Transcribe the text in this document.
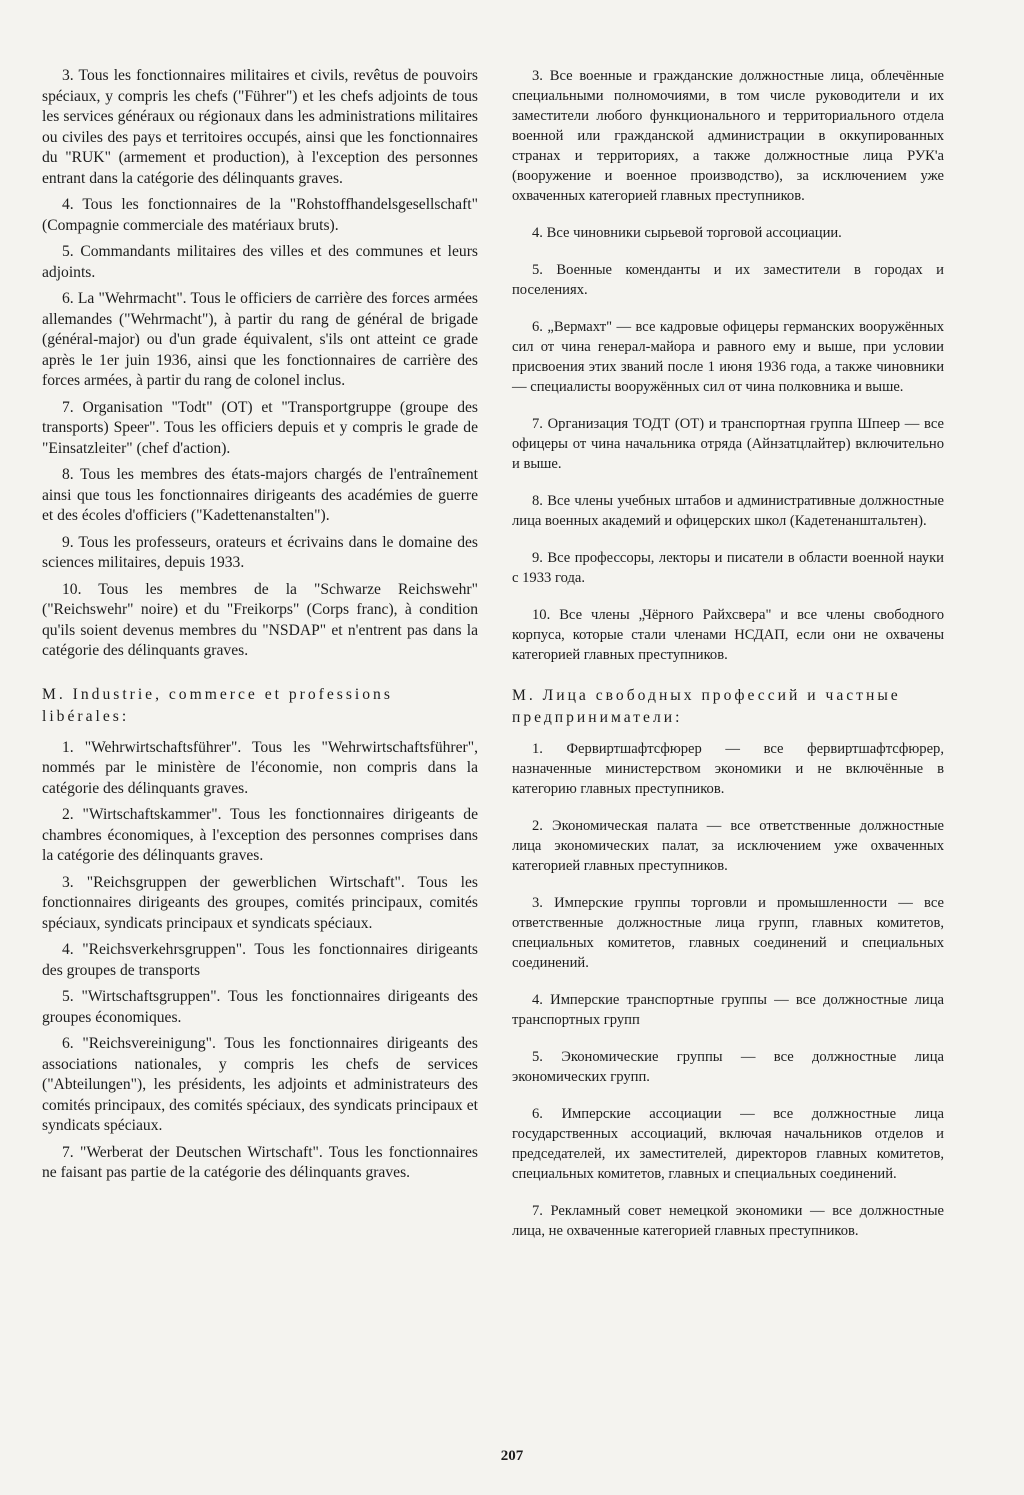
3. Tous les fonctionnaires militaires et civils, revêtus de pouvoirs spéciaux, y compris les chefs ("Führer") et les chefs adjoints de tous les services généraux ou régionaux dans les administrations militaires ou civiles des pays et territoires occupés, ainsi que les fonctionnaires du "RUK" (armement et production), à l'exception des personnes entrant dans la catégorie des délinquants graves.

4. Tous les fonctionnaires de la "Rohstoffhandelsgesellschaft" (Compagnie commerciale des matériaux bruts).

5. Commandants militaires des villes et des communes et leurs adjoints.

6. La "Wehrmacht". Tous le officiers de carrière des forces armées allemandes ("Wehrmacht"), à partir du rang de général de brigade (général-major) ou d'un grade équivalent, s'ils ont atteint ce grade après le 1er juin 1936, ainsi que les fonctionnaires de carrière des forces armées, à partir du rang de colonel inclus.

7. Organisation "Todt" (OT) et "Transportgruppe (groupe des transports) Speer". Tous les officiers depuis et y compris le grade de "Einsatzleiter" (chef d'action).

8. Tous les membres des états-majors chargés de l'entraînement ainsi que tous les fonctionnaires dirigeants des académies de guerre et des écoles d'officiers ("Kadettenanstalten").

9. Tous les professeurs, orateurs et écrivains dans le domaine des sciences militaires, depuis 1933.

10. Tous les membres de la "Schwarze Reichswehr" ("Reichswehr" noire) et du "Freikorps" (Corps franc), à condition qu'ils soient devenus membres du "NSDAP" et n'entrent pas dans la catégorie des délinquants graves.

M. Industrie, commerce et professions libérales:

1. "Wehrwirtschaftsführer". Tous les "Wehrwirtschaftsführer", nommés par le ministère de l'économie, non compris dans la catégorie des délinquants graves.

2. "Wirtschaftskammer". Tous les fonctionnaires dirigeants de chambres économiques, à l'exception des personnes comprises dans la catégorie des délinquants graves.

3. "Reichsgruppen der gewerblichen Wirtschaft". Tous les fonctionnaires dirigeants des groupes, comités principaux, comités spéciaux, syndicats principaux et syndicats spéciaux.

4. "Reichsverkehrsgruppen". Tous les fonctionnaires dirigeants des groupes de transports

5. "Wirtschaftsgruppen". Tous les fonctionnaires dirigeants des groupes économiques.

6. "Reichsvereinigung". Tous les fonctionnaires dirigeants des associations nationales, y compris les chefs de services ("Abteilungen"), les présidents, les adjoints et administrateurs des comités principaux, des comités spéciaux, des syndicats principaux et syndicats spéciaux.

7. "Werberat der Deutschen Wirtschaft". Tous les fonctionnaires ne faisant pas partie de la catégorie des délinquants graves.

3. Все военные и гражданские должностные лица, облечённые специальными полномочиями, в том числе руководители и их заместители любого функционального и территориального отдела военной или гражданской администрации в оккупированных странах и территориях, а также должностные лица РУК'а (вооружение и военное производство), за исключением уже охваченных категорией главных преступников.

4. Все чиновники сырьевой торговой ассоциации.

5. Военные коменданты и их заместители в городах и поселениях.

6. „Вермахт" — все кадровые офицеры германских вооружённых сил от чина генерал-майора и равного ему и выше, при условии присвоения этих званий после 1 июня 1936 года, а также чиновники — специалисты вооружённых сил от чина полковника и выше.

7. Организация ТОДТ (ОТ) и транспортная группа Шпеер — все офицеры от чина начальника отряда (Айнзатцлайтер) включительно и выше.

8. Все члены учебных штабов и административные должностные лица военных академий и офицерских школ (Кадетенанштальтен).

9. Все профессоры, лекторы и писатели в области военной науки с 1933 года.

10. Все члены „Чёрного Райхсвера" и все члены свободного корпуса, которые стали членами НСДАП, если они не охвачены категорией главных преступников.

M. Лица свободных профессий и частные предприниматели:

1. Фервиртшафтсфюрер — все фервиртшафтсфюрер, назначенные министерством экономики и не включённые в категорию главных преступников.

2. Экономическая палата — все ответственные должностные лица экономических палат, за исключением уже охваченных категорией главных преступников.

3. Имперские группы торговли и промышленности — все ответственные должностные лица групп, главных комитетов, специальных комитетов, главных соединений и специальных соединений.

4. Имперские транспортные группы — все должностные лица транспортных групп

5. Экономические группы — все должностные лица экономических групп.

6. Имперские ассоциации — все должностные лица государственных ассоциаций, включая начальников отделов и председателей, их заместителей, директоров главных комитетов, специальных комитетов, главных и специальных соединений.

7. Рекламный совет немецкой экономики — все должностные лица, не охваченные категорией главных преступников.

207
